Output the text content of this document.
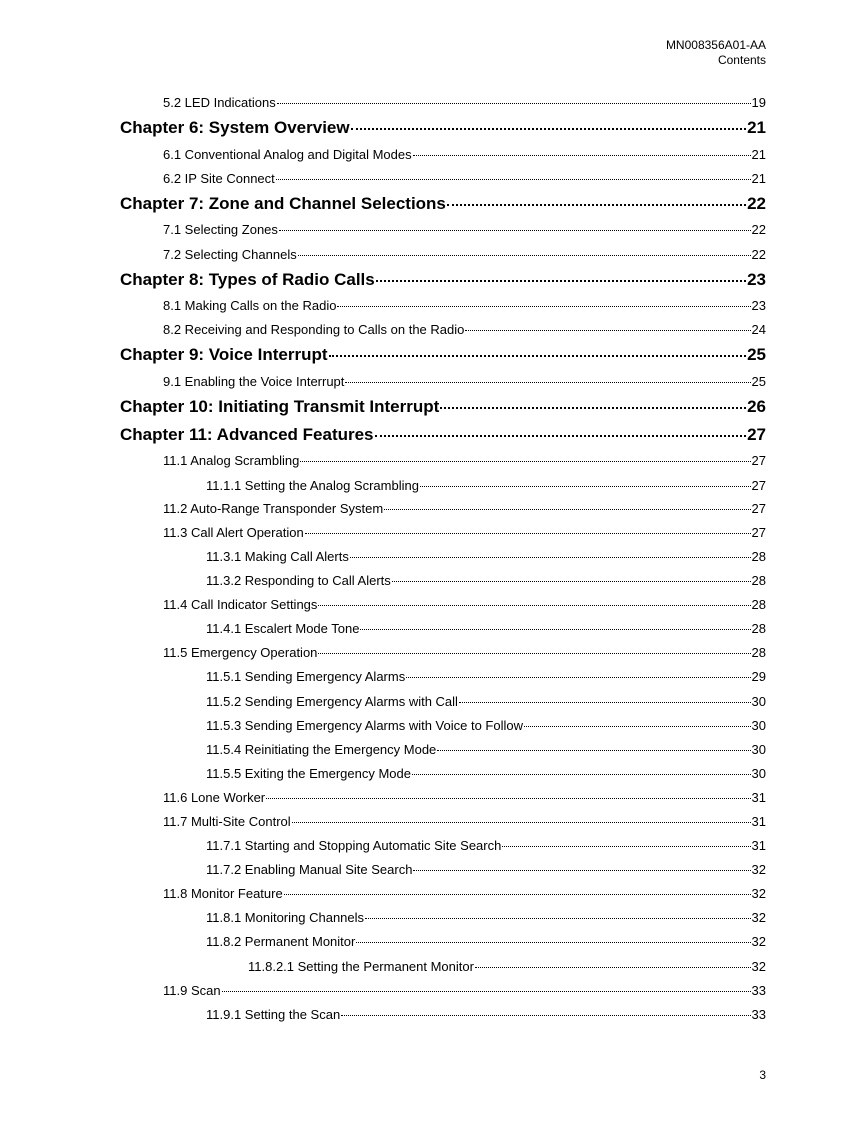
MN008356A01-AA
Contents
5.2 LED Indications	19
Chapter 6: System Overview	21
6.1 Conventional Analog and Digital Modes	21
6.2 IP Site Connect	21
Chapter 7: Zone and Channel Selections	22
7.1 Selecting Zones	22
7.2 Selecting Channels	22
Chapter 8: Types of Radio Calls	23
8.1 Making Calls on the Radio	23
8.2 Receiving and Responding to Calls on the Radio	24
Chapter 9: Voice Interrupt	25
9.1 Enabling the Voice Interrupt	25
Chapter 10: Initiating Transmit Interrupt	26
Chapter 11: Advanced Features	27
11.1 Analog Scrambling	27
11.1.1 Setting the Analog Scrambling	27
11.2 Auto-Range Transponder System	27
11.3 Call Alert Operation	27
11.3.1 Making Call Alerts	28
11.3.2 Responding to Call Alerts	28
11.4 Call Indicator Settings	28
11.4.1 Escalert Mode Tone	28
11.5 Emergency Operation	28
11.5.1 Sending Emergency Alarms	29
11.5.2 Sending Emergency Alarms with Call	30
11.5.3 Sending Emergency Alarms with Voice to Follow	30
11.5.4 Reinitiating the Emergency Mode	30
11.5.5 Exiting the Emergency Mode	30
11.6 Lone Worker	31
11.7 Multi-Site Control	31
11.7.1 Starting and Stopping Automatic Site Search	31
11.7.2 Enabling Manual Site Search	32
11.8 Monitor Feature	32
11.8.1 Monitoring Channels	32
11.8.2 Permanent Monitor	32
11.8.2.1 Setting the Permanent Monitor	32
11.9 Scan	33
11.9.1 Setting the Scan	33
3
